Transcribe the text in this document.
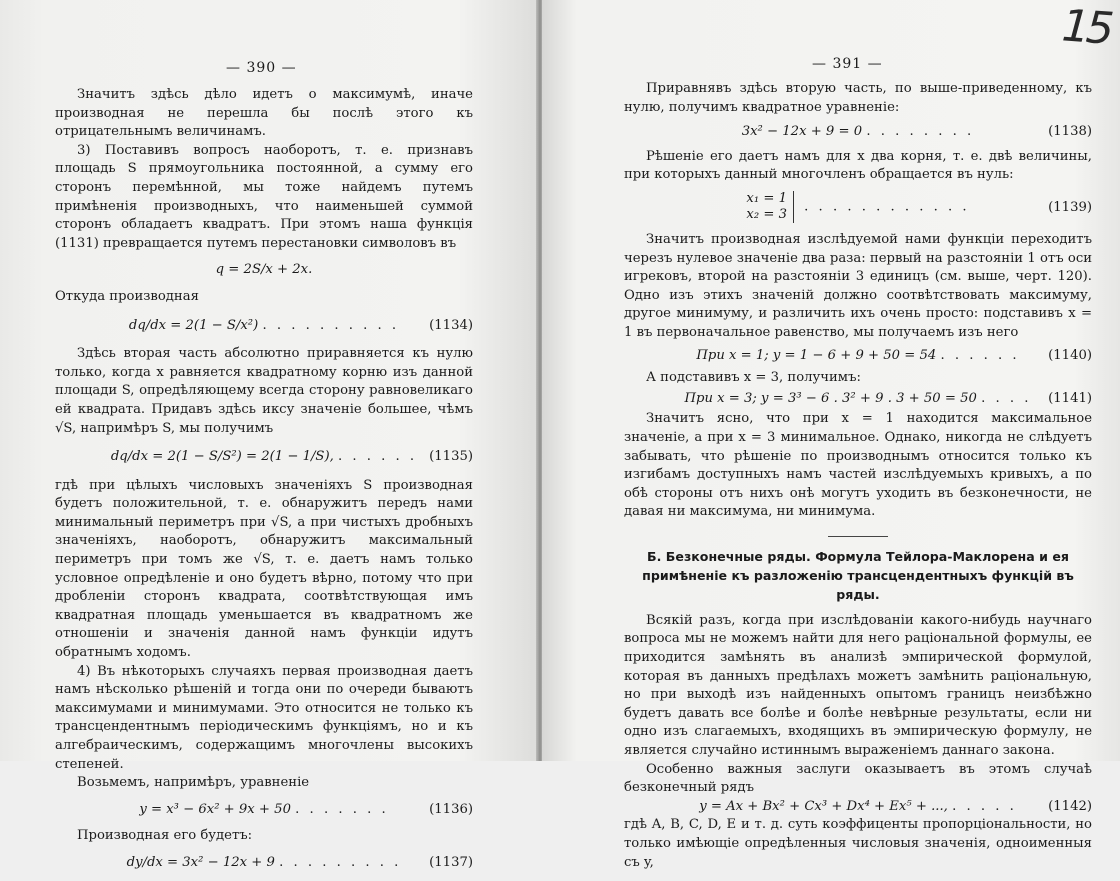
— 390 —

Значитъ здѣсь дѣло идетъ о максимумѣ, иначе производная не перешла бы послѣ этого къ отрицательнымъ величинамъ.

3) Поставивъ вопросъ наоборотъ, т. е. признавъ площадь S прямоугольника постоянной, а сумму его сторонъ перемѣнной, мы тоже найдемъ путемъ примѣненія производныхъ, что наименьшей суммой сторонъ обладаетъ квадратъ. При этомъ наша функція (1131) превращается путемъ перестановки символовъ въ

q = 2S/x + 2x.

Откуда производная

dq/dx = 2(1 − S/x²) . . . . . . . . . . (1134)

Здѣсь вторая часть абсолютно приравняется къ нулю только, когда x равняется квадратному корню изъ данной площади S, опредѣляющему всегда сторону равновеликаго ей квадрата. Придавъ здѣсь иксу значеніе большее, чѣмъ √S, напримѣръ S, мы получимъ

dq/dx = 2(1 − S/S²) = 2(1 − 1/S), . . . . . . (1135)

гдѣ при цѣлыхъ числовыхъ значеніяхъ S производная будетъ положительной, т. е. обнаружитъ передъ нами минимальный периметръ при √S, а при чистыхъ дробныхъ значеніяхъ, наоборотъ, обнаружитъ максимальный периметръ при томъ же √S, т. е. даетъ намъ только условное опредѣленіе и оно будетъ вѣрно, потому что при дробленіи сторонъ квадрата, соотвѣтствующая имъ квадратная площадь уменьшается въ квадратномъ же отношеніи и значенія данной намъ функціи идутъ обратнымъ ходомъ.

4) Въ нѣкоторыхъ случаяхъ первая производная даетъ намъ нѣсколько рѣшеній и тогда они по очереди бываютъ максимумами и минимумами. Это относится не только къ трансцендентнымъ періодическимъ функціямъ, но и къ алгебраическимъ, содержащимъ многочлены высокихъ степеней.

Возьмемъ, напримѣръ, уравненіе

y = x³ − 6x² + 9x + 50 . . . . . . .	(1136)

Производная его будетъ:

dy/dx = 3x² − 12x + 9 . . . . . . . . . (1137)
— 391 —
15

Приравнявъ здѣсь вторую часть, по выше-приведенному, къ нулю, получимъ квадратное уравненіе:

3x² − 12x + 9 = 0 . . . . . . . .	(1138)

Рѣшеніе его даетъ намъ для x два корня, т. е. двѣ величины, при которыхъ данный многочленъ обращается въ нуль:

x₁ = 1
x₂ = 3 . . . . . . . . . . . .	(1139)

Значитъ производная изслѣдуемой нами функціи переходитъ черезъ нулевое значеніе два раза: первый на разстояніи 1 отъ оси игрековъ, второй на разстояніи 3 единицъ (см. выше, черт. 120). Одно изъ этихъ значеній должно соотвѣтствовать максимуму, другое минимуму, и различить ихъ очень просто: подставивъ x = 1 въ первоначальное равенство, мы получаемъ изъ него

При x = 1; y = 1 − 6 + 9 + 50 = 54 . . . . . . (1140)

А подставивъ x = 3, получимъ:

При x = 3; y = 3³ − 6 . 3² + 9 . 3 + 50 = 50 . . . . (1141)

Значитъ ясно, что при x = 1 находится максимальное значеніе, а при x = 3 минимальное. Однако, никогда не слѣдуетъ забывать, что рѣшеніе по производнымъ относится только къ изгибамъ доступныхъ намъ частей изслѣдуемыхъ кривыхъ, а по обѣ стороны отъ нихъ онѣ могутъ уходить въ безконечности, не давая ни максимума, ни минимума.

Б. Безконечные ряды. Формула Тейлора-Маклорена и ея примѣненіе къ разложенію трансцендентныхъ функцій въ ряды.

Всякій разъ, когда при изслѣдованіи какого-нибудь научнаго вопроса мы не можемъ найти для него раціональной формулы, ее приходится замѣнять въ анализѣ эмпирической формулой, которая въ данныхъ предѣлахъ можетъ замѣнить раціональную, но при выходѣ изъ найденныхъ опытомъ границъ неизбѣжно будетъ давать все болѣе и болѣе невѣрные результаты, если ни одно изъ слагаемыхъ, входящихъ въ эмпирическую формулу, не является случайно истиннымъ выраженіемъ даннаго закона.

Особенно важныя заслуги оказываетъ въ этомъ случаѣ безконечный рядъ

y = Ax + Bx² + Cx³ + Dx⁴ + Ex⁵ + ..., . . . . . (1142)

гдѣ A, B, C, D, E и т. д. суть коэффиценты пропорціональности, но только имѣющіе опредѣленныя числовыя значенія, одноименныя съ y,
